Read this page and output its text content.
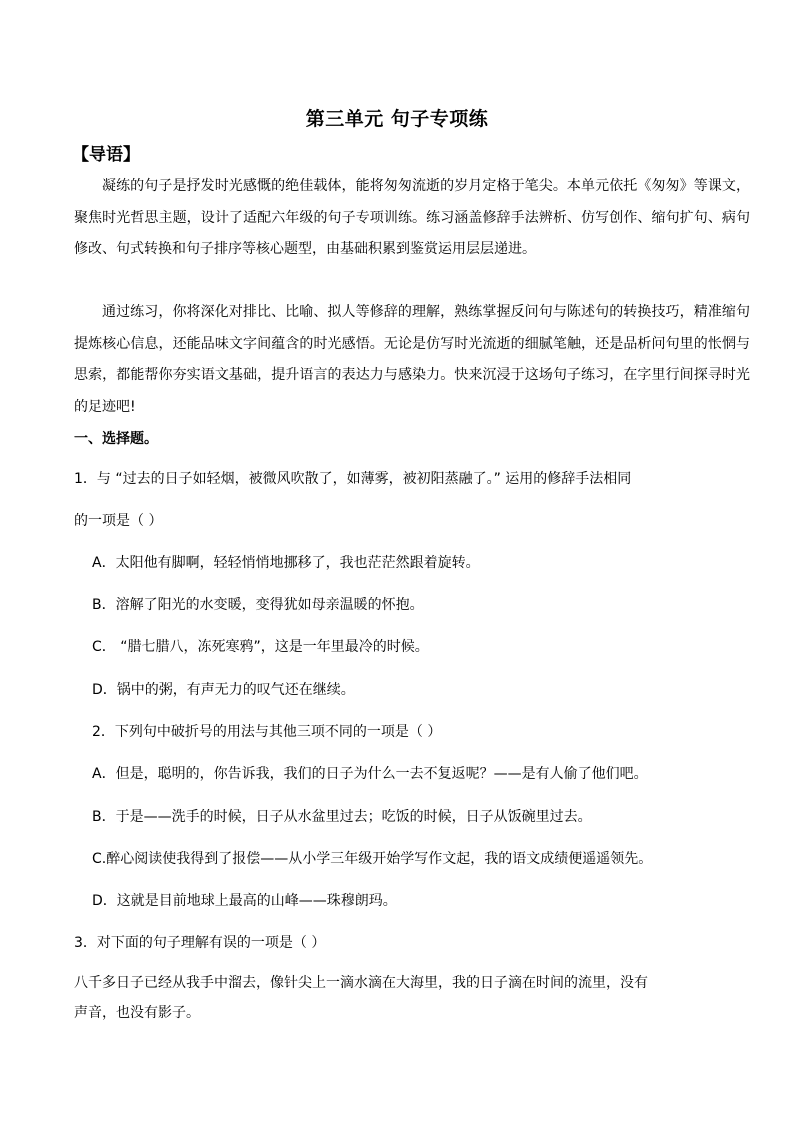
第三单元 句子专项练
【导语】
凝练的句子是抒发时光感慨的绝佳载体，能将匆匆流逝的岁月定格于笔尖。本单元依托《匆匆》等课文，聚焦时光哲思主题，设计了适配六年级的句子专项训练。练习涵盖修辞手法辨析、仿写创作、缩句扩句、病句修改、句式转换和句子排序等核心题型，由基础积累到鉴赏运用层层递进。
通过练习，你将深化对排比、比喻、拟人等修辞的理解，熟练掌握反问句与陈述句的转换技巧，精准缩句提炼核心信息，还能品味文字间蕴含的时光感悟。无论是仿写时光流逝的细腻笔触，还是品析问句里的怅惘与思索，都能帮你夯实语文基础，提升语言的表达力与感染力。快来沉浸于这场句子练习，在字里行间探寻时光的足迹吧!
一、选择题。
1．与 “过去的日子如轻烟，被微风吹散了，如薄雾，被初阳蒸融了。” 运用的修辞手法相同
的一项是（ ）
A．太阳他有脚啊，轻轻悄悄地挪移了，我也茫茫然跟着旋转。
B．溶解了阳光的水变暖，变得犹如母亲温暖的怀抱。
C． “腊七腊八，冻死寒鸦”，这是一年里最冷的时候。
D．锅中的粥，有声无力的叹气还在继续。
2．下列句中破折号的用法与其他三项不同的一项是（ ）
A．但是，聪明的，你告诉我，我们的日子为什么一去不复返呢？——是有人偷了他们吧。
B．于是——洗手的时候，日子从水盆里过去；吃饭的时候，日子从饭碗里过去。
C.醉心阅读使我得到了报偿——从小学三年级开始学写作文起，我的语文成绩便遥遥领先。
D．这就是目前地球上最高的山峰——珠穆朗玛。
3．对下面的句子理解有误的一项是（ ）
八千多日子已经从我手中溜去，像针尖上一滴水滴在大海里，我的日子滴在时间的流里，没有
声音，也没有影子。
